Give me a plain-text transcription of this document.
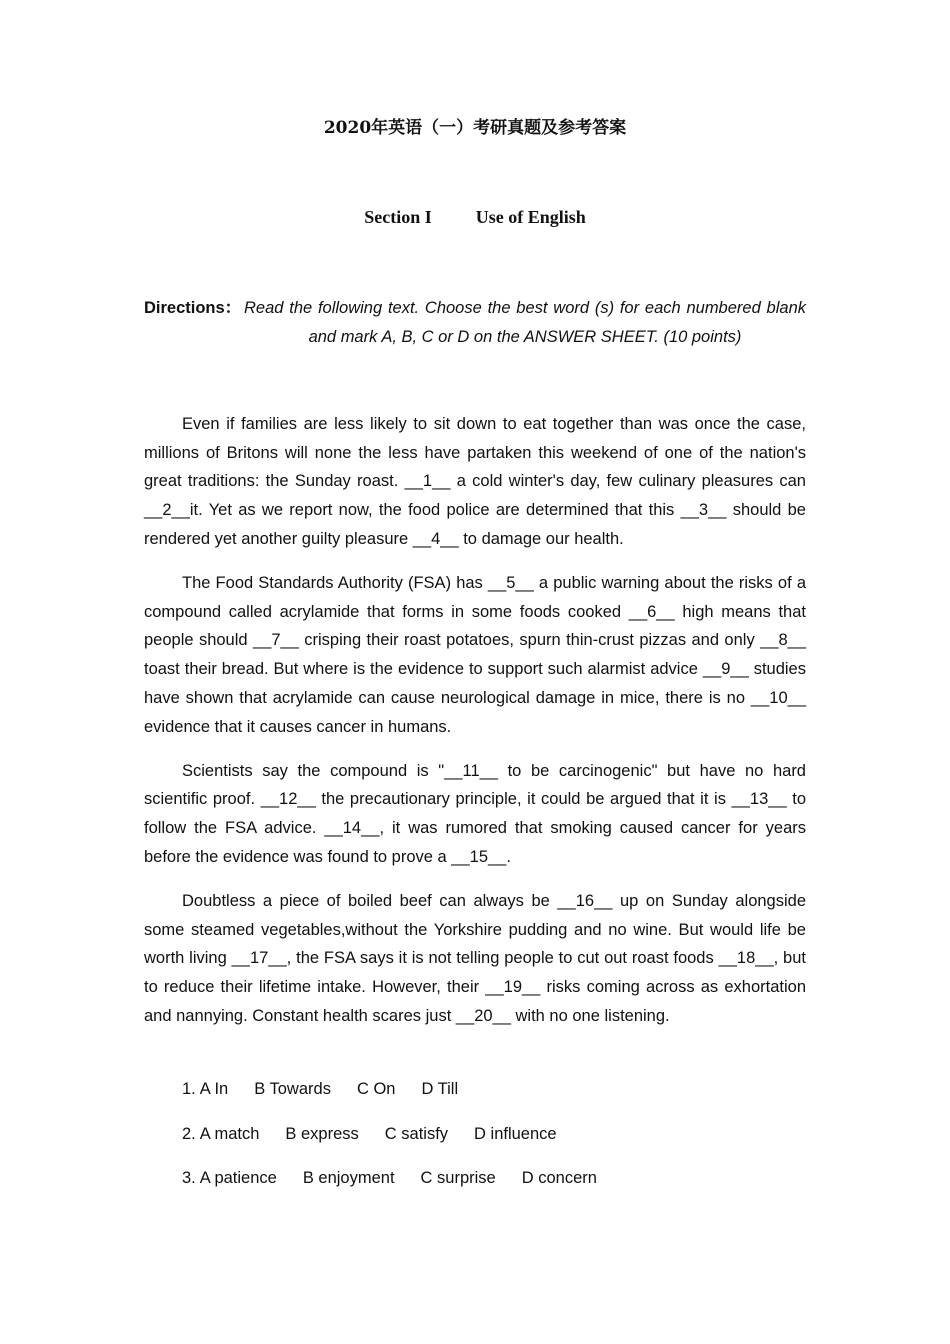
2020年英语（一）考研真题及参考答案
Section I Use of English
Directions： Read the following text. Choose the best word (s) for each numbered blank and mark A, B, C or D on the ANSWER SHEET. (10 points)

Even if families are less likely to sit down to eat together than was once the case, millions of Britons will none the less have partaken this weekend of one of the nation's great traditions: the Sunday roast. __1__ a cold winter's day, few culinary pleasures can __2__it. Yet as we report now, the food police are determined that this __3__ should be rendered yet another guilty pleasure __4__ to damage our health.

The Food Standards Authority (FSA) has __5__ a public warning about the risks of a compound called acrylamide that forms in some foods cooked __6__ high means that people should __7__ crisping their roast potatoes, spurn thin-crust pizzas and only __8__ toast their bread. But where is the evidence to support such alarmist advice __9__ studies have shown that acrylamide can cause neurological damage in mice, there is no __10__ evidence that it causes cancer in humans.

Scientists say the compound is "__11__ to be carcinogenic" but have no hard scientific proof. __12__ the precautionary principle, it could be argued that it is __13__ to follow the FSA advice. __14__, it was rumored that smoking caused cancer for years before the evidence was found to prove a __15__.

Doubtless a piece of boiled beef can always be __16__ up on Sunday alongside some steamed vegetables,without the Yorkshire pudding and no wine. But would life be worth living __17__, the FSA says it is not telling people to cut out roast foods __18__, but to reduce their lifetime intake. However, their __19__ risks coming across as exhortation and nannying. Constant health scares just __20__ with no one listening.

1. A In B Towards C On D Till
2. A match B express C satisfy D influence
3. A patience B enjoyment C surprise D concern
